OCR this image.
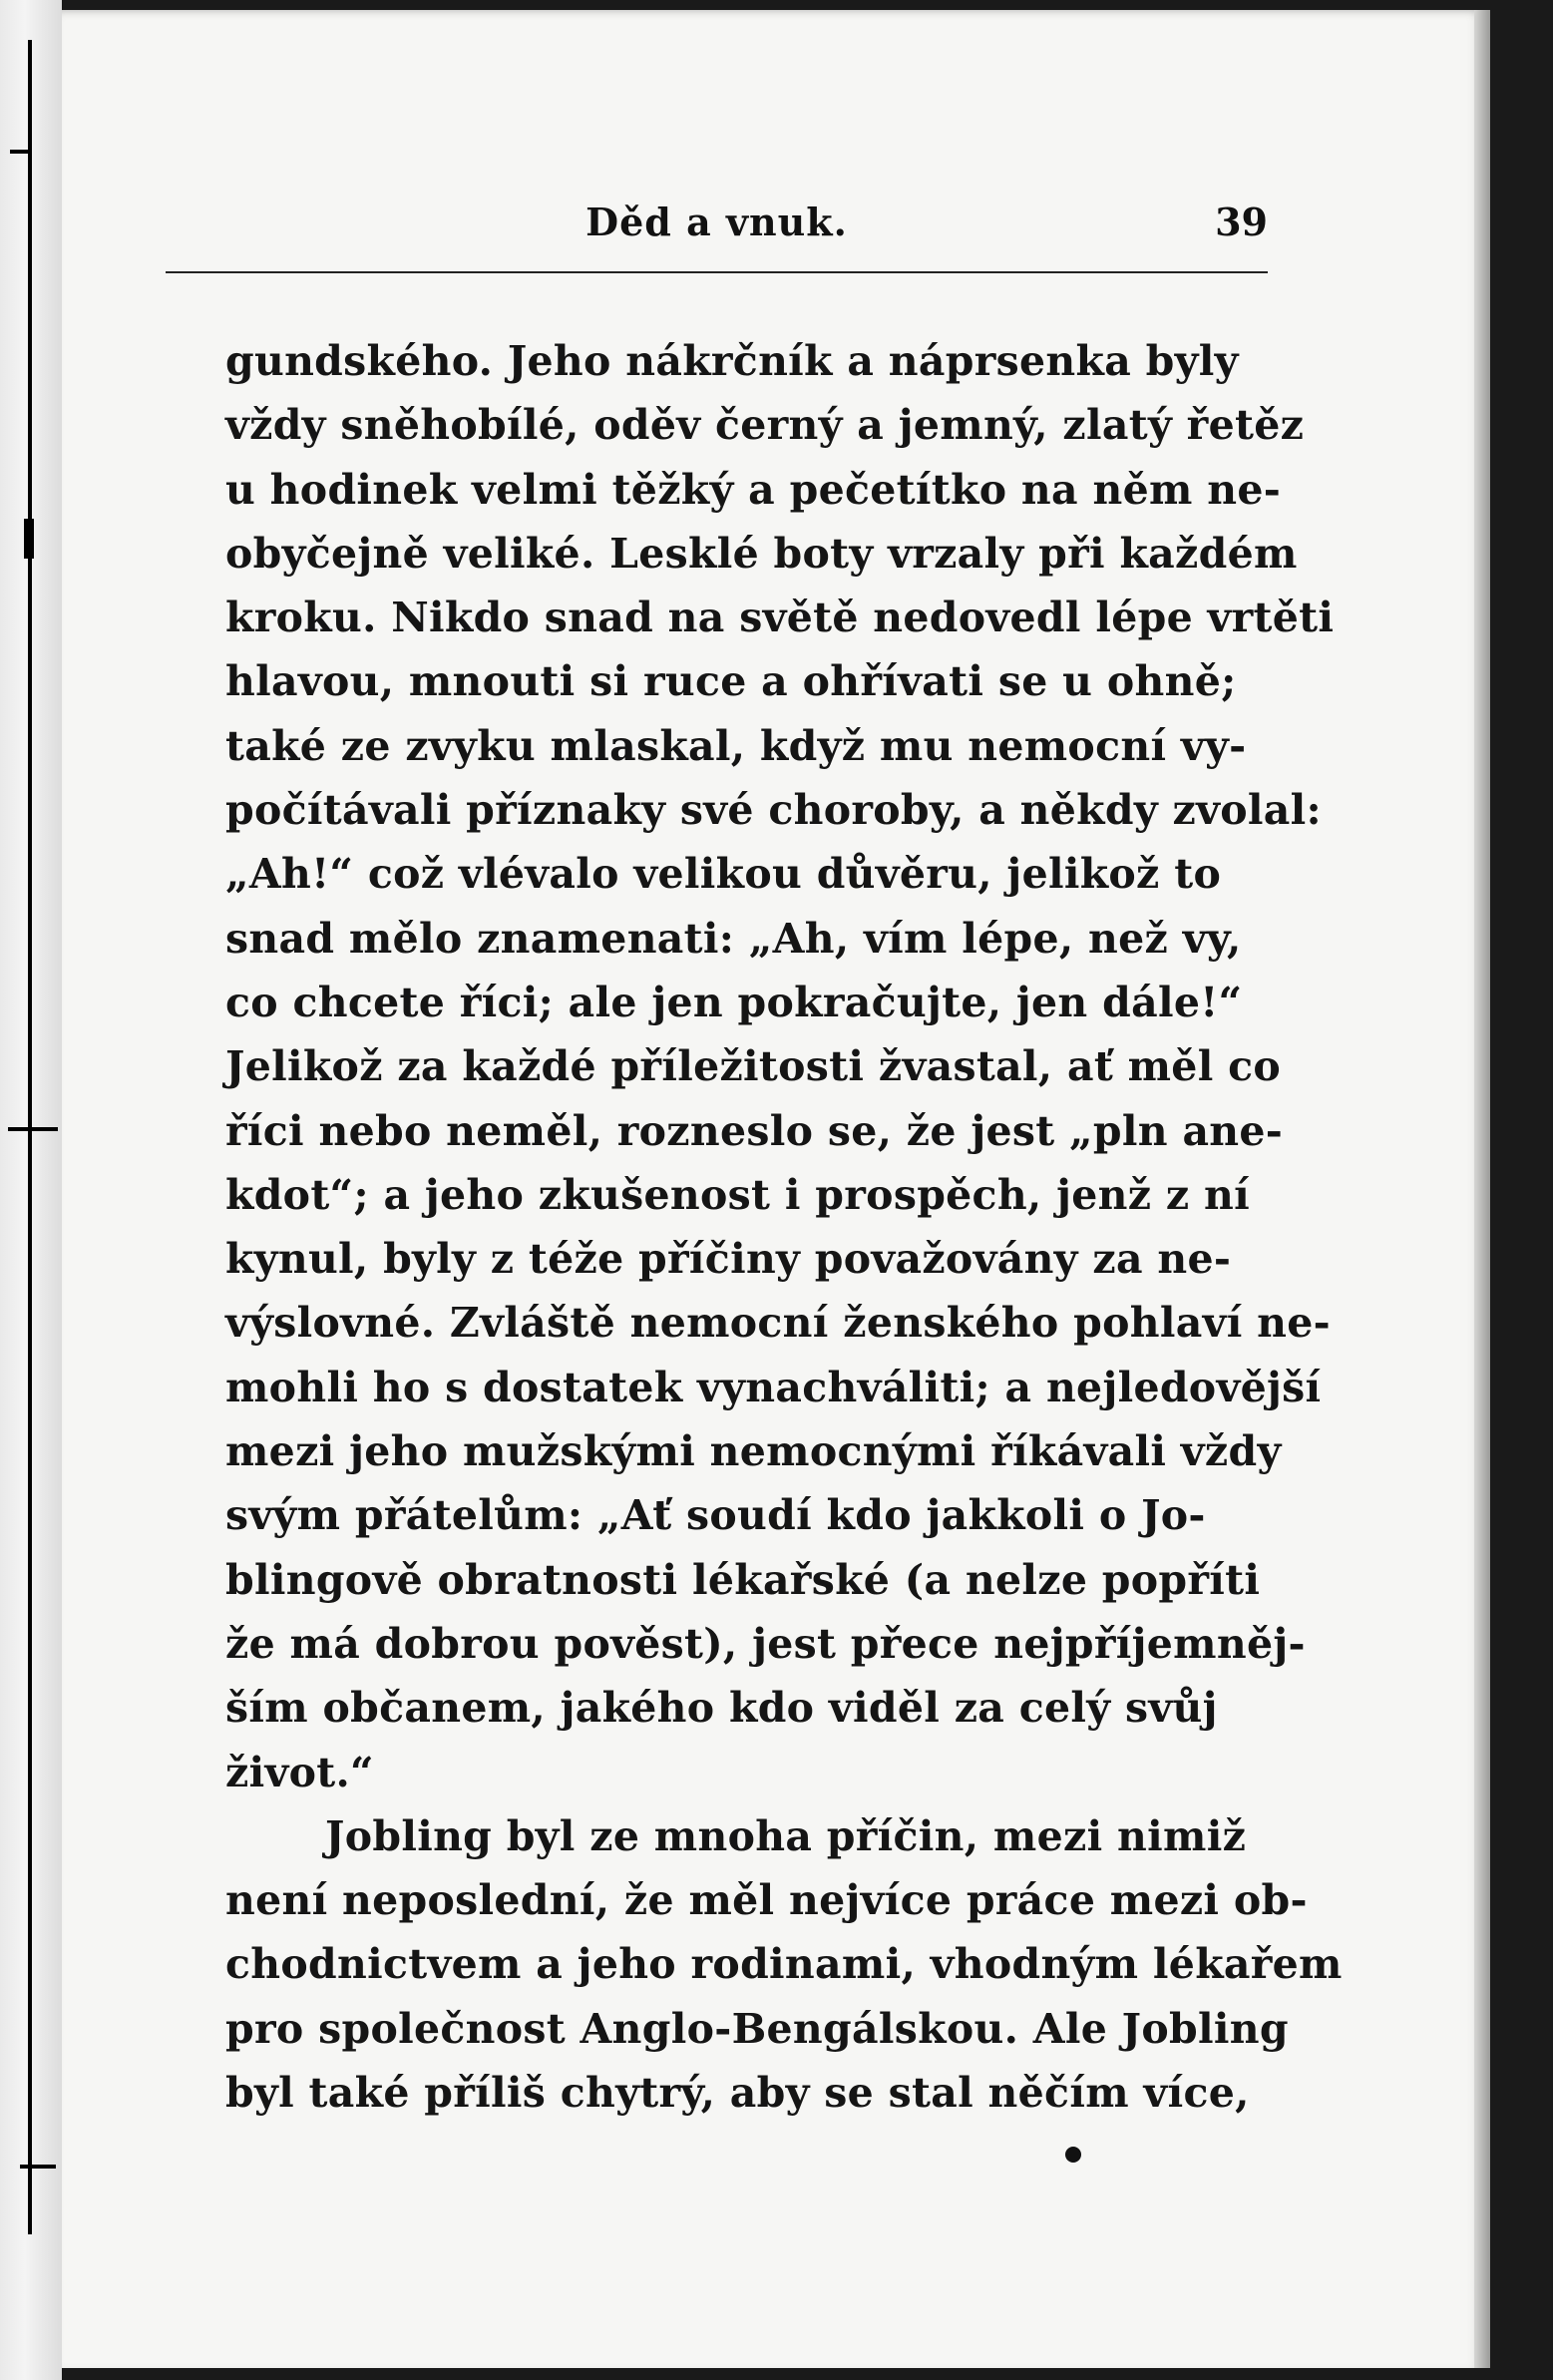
Děd a vnuk.	39
gundského. Jeho nákrčník a náprsenka byly
vždy sněhobílé, oděv černý a jemný, zlatý řetěz
u hodinek velmi těžký a pečetítko na něm ne-
obyčejně veliké. Lesklé boty vrzaly při každém
kroku. Nikdo snad na světě nedovedl lépe vrtěti
hlavou, mnouti si ruce a ohřívati se u ohně;
také ze zvyku mlaskal, když mu nemocní vy-
počítávali příznaky své choroby, a někdy zvolal:
„Ah!“ což vlévalo velikou důvěru, jelikož to
snad mělo znamenati: „Ah, vím lépe, než vy,
co chcete říci; ale jen pokračujte, jen dále!“
Jelikož za každé příležitosti žvastal, ať měl co
říci nebo neměl, rozneslo se, že jest „pln ane-
kdot“; a jeho zkušenost i prospěch, jenž z ní
kynul, byly z téže příčiny považovány za ne-
výslovné. Zvláště nemocní ženského pohlaví ne-
mohli ho s dostatek vynachváliti; a nejledovější
mezi jeho mužskými nemocnými říkávali vždy
svým přátelům: „Ať soudí kdo jakkoli o Jo-
blingově obratnosti lékařské (a nelze popříti
že má dobrou pověst), jest přece nejpříjemněj-
ším občanem, jakého kdo viděl za celý svůj
život.“
Jobling byl ze mnoha příčin, mezi nimiž
není neposlední, že měl nejvíce práce mezi ob-
chodnictvem a jeho rodinami, vhodným lékařem
pro společnost Anglo-Bengálskou. Ale Jobling
byl také příliš chytrý, aby se stal něčím více,
